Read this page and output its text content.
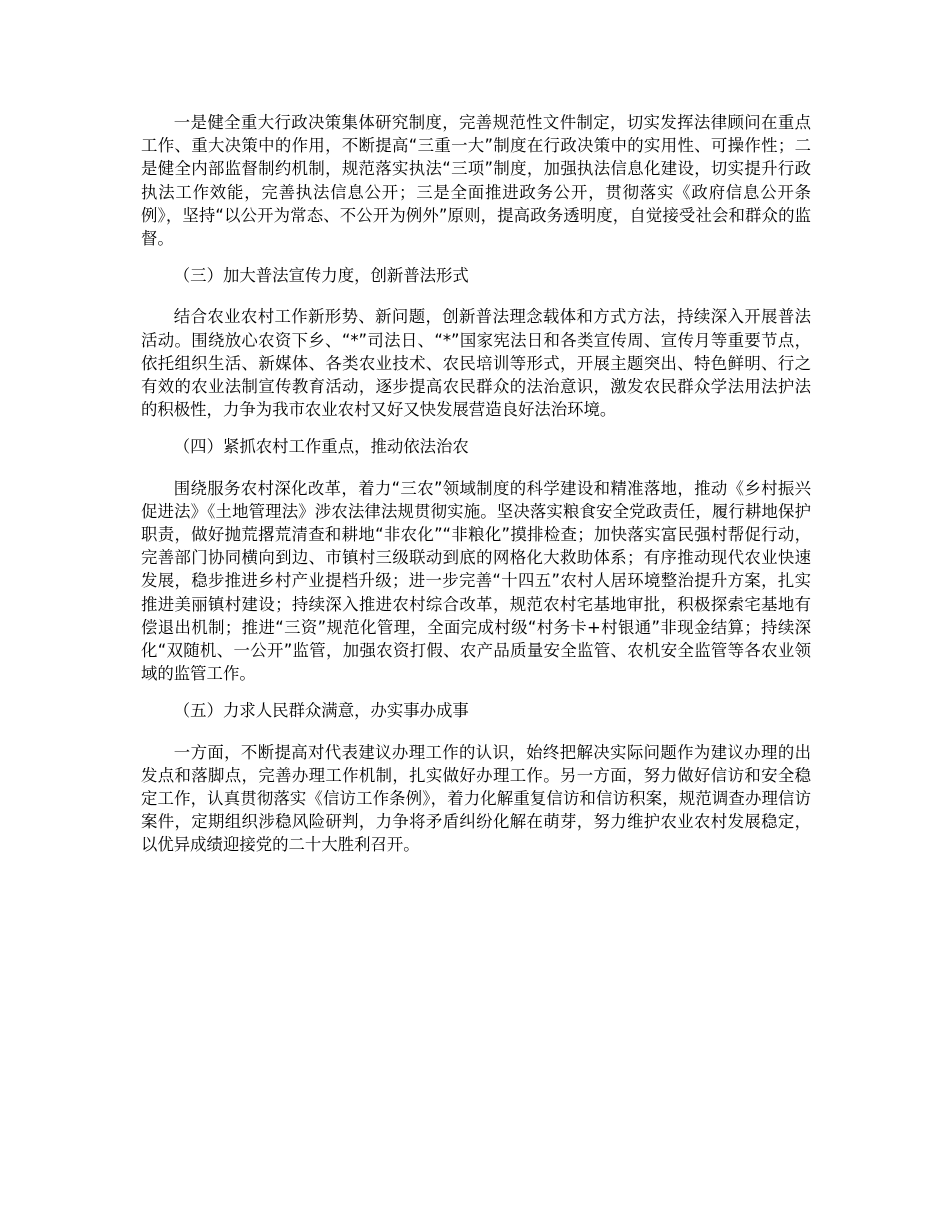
一是健全重大行政决策集体研究制度，完善规范性文件制定，切实发挥法律顾问在重点工作、重大决策中的作用，不断提高“三重一大”制度在行政决策中的实用性、可操作性；二是健全内部监督制约机制，规范落实执法“三项”制度，加强执法信息化建设，切实提升行政执法工作效能，完善执法信息公开；三是全面推进政务公开，贯彻落实《政府信息公开条例》，坚持“以公开为常态、不公开为例外”原则，提高政务透明度，自觉接受社会和群众的监督。

（三）加大普法宣传力度，创新普法形式

结合农业农村工作新形势、新问题，创新普法理念载体和方式方法，持续深入开展普法活动。围绕放心农资下乡、“*”司法日、“*”国家宪法日和各类宣传周、宣传月等重要节点，依托组织生活、新媒体、各类农业技术、农民培训等形式，开展主题突出、特色鲜明、行之有效的农业法制宣传教育活动，逐步提高农民群众的法治意识，激发农民群众学法用法护法的积极性，力争为我市农业农村又好又快发展营造良好法治环境。

（四）紧抓农村工作重点，推动依法治农

围绕服务农村深化改革，着力“三农”领域制度的科学建设和精准落地，推动《乡村振兴促进法》《土地管理法》涉农法律法规贯彻实施。坚决落实粮食安全党政责任，履行耕地保护职责，做好抛荒撂荒清查和耕地“非农化”“非粮化”摸排检查；加快落实富民强村帮促行动，完善部门协同横向到边、市镇村三级联动到底的网格化大救助体系；有序推动现代农业快速发展，稳步推进乡村产业提档升级；进一步完善“十四五”农村人居环境整治提升方案，扎实推进美丽镇村建设；持续深入推进农村综合改革，规范农村宅基地审批，积极探索宅基地有偿退出机制；推进“三资”规范化管理，全面完成村级“村务卡+村银通”非现金结算；持续深化“双随机、一公开”监管，加强农资打假、农产品质量安全监管、农机安全监管等各农业领域的监管工作。

（五）力求人民群众满意，办实事办成事

一方面，不断提高对代表建议办理工作的认识，始终把解决实际问题作为建议办理的出发点和落脚点，完善办理工作机制，扎实做好办理工作。另一方面，努力做好信访和安全稳定工作，认真贯彻落实《信访工作条例》，着力化解重复信访和信访积案，规范调查办理信访案件，定期组织涉稳风险研判，力争将矛盾纠纷化解在萌芽，努力维护农业农村发展稳定，以优异成绩迎接党的二十大胜利召开。
